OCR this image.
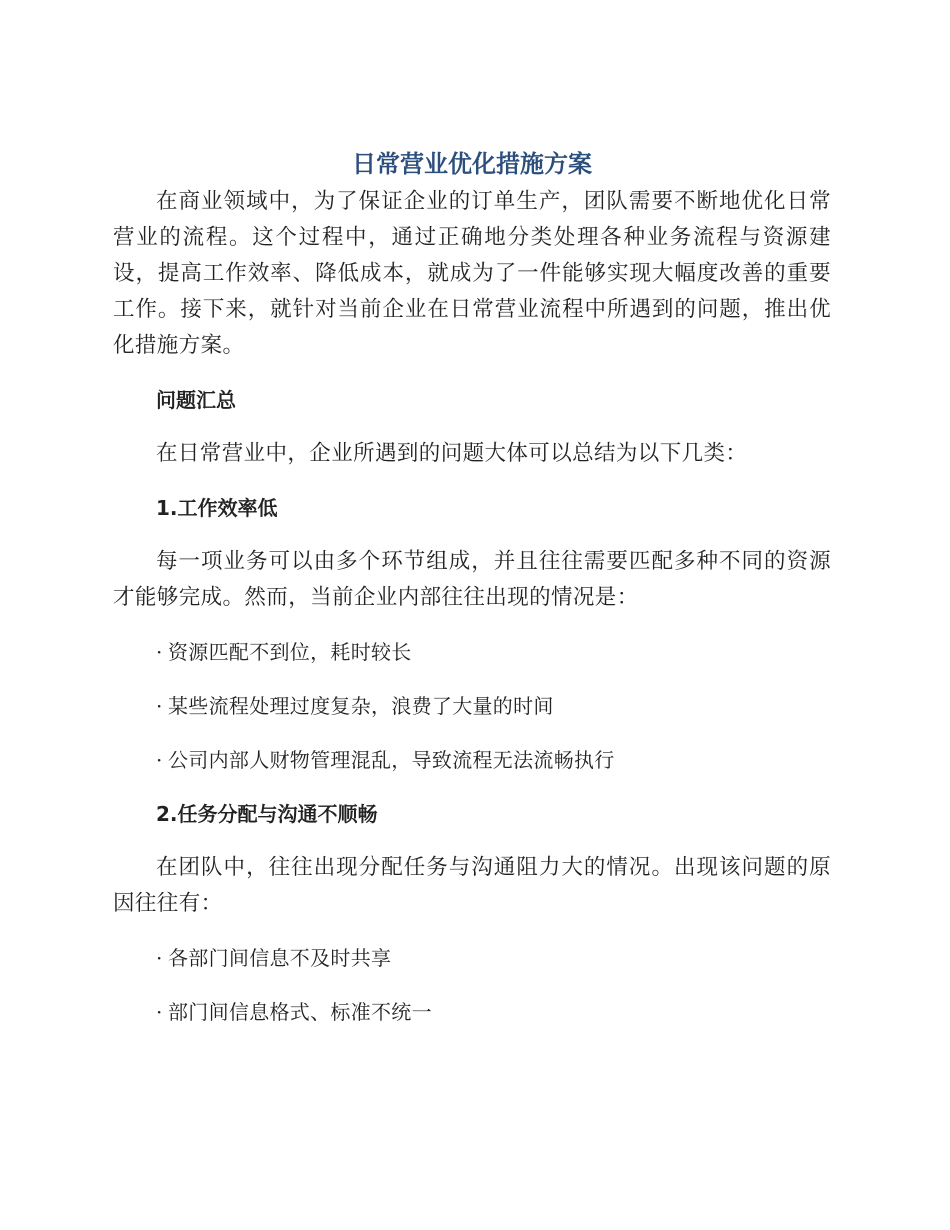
日常营业优化措施方案

在商业领域中，为了保证企业的订单生产，团队需要不断地优化日常营业的流程。这个过程中，通过正确地分类处理各种业务流程与资源建设，提高工作效率、降低成本，就成为了一件能够实现大幅度改善的重要工作。接下来，就针对当前企业在日常营业流程中所遇到的问题，推出优化措施方案。

问题汇总

在日常营业中，企业所遇到的问题大体可以总结为以下几类：

1.工作效率低

每一项业务可以由多个环节组成，并且往往需要匹配多种不同的资源才能够完成。然而，当前企业内部往往出现的情况是：

· 资源匹配不到位，耗时较长

· 某些流程处理过度复杂，浪费了大量的时间

· 公司内部人财物管理混乱，导致流程无法流畅执行

2.任务分配与沟通不顺畅

在团队中，往往出现分配任务与沟通阻力大的情况。出现该问题的原因往往有：

· 各部门间信息不及时共享

· 部门间信息格式、标准不统一
